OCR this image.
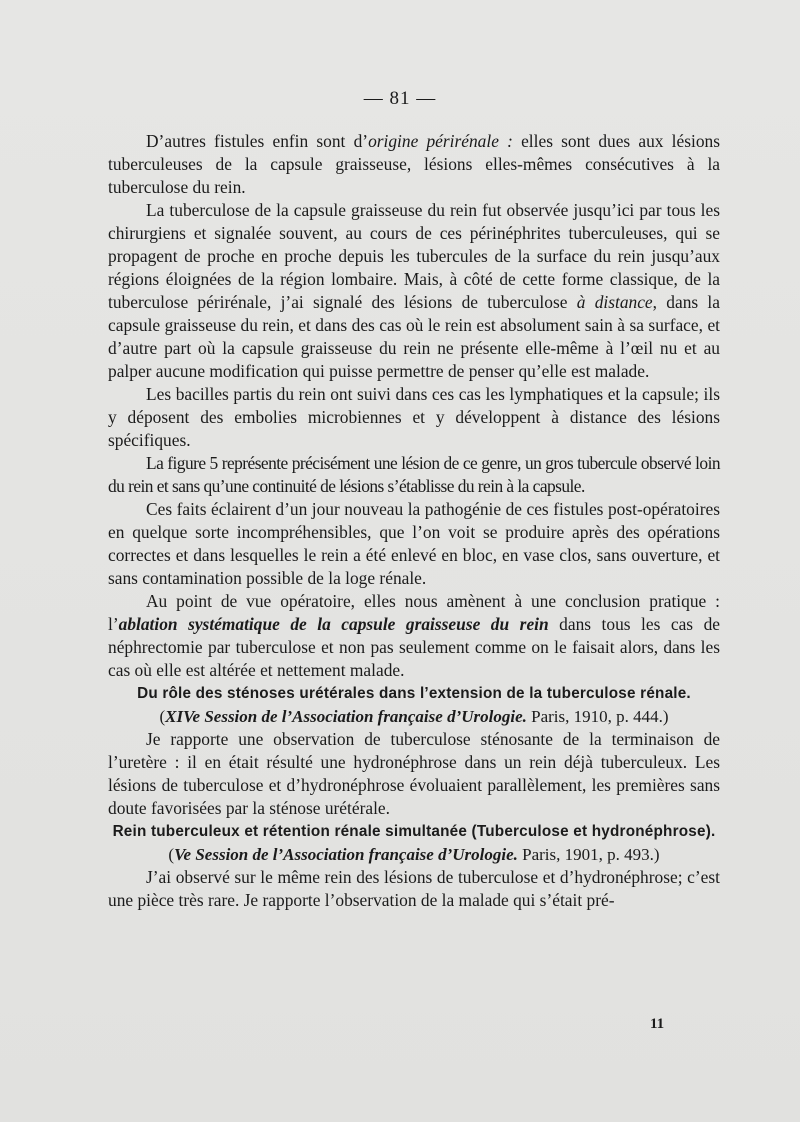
— 81 —

D’autres fistules enfin sont d’origine périrénale : elles sont dues aux lésions tuberculeuses de la capsule graisseuse, lésions elles-mêmes consécutives à la tuberculose du rein.

La tuberculose de la capsule graisseuse du rein fut observée jusqu’ici par tous les chirurgiens et signalée souvent, au cours de ces périnéphrites tuberculeuses, qui se propagent de proche en proche depuis les tubercules de la surface du rein jusqu’aux régions éloignées de la région lombaire. Mais, à côté de cette forme classique, de la tuberculose périrénale, j’ai signalé des lésions de tuberculose à distance, dans la capsule graisseuse du rein, et dans des cas où le rein est absolument sain à sa surface, et d’autre part où la capsule graisseuse du rein ne présente elle-même à l’œil nu et au palper aucune modification qui puisse permettre de penser qu’elle est malade.

Les bacilles partis du rein ont suivi dans ces cas les lymphatiques et la capsule; ils y déposent des embolies microbiennes et y développent à distance des lésions spécifiques.

La figure 5 représente précisément une lésion de ce genre, un gros tubercule observé loin du rein et sans qu’une continuité de lésions s’établisse du rein à la capsule.

Ces faits éclairent d’un jour nouveau la pathogénie de ces fistules post-opératoires en quelque sorte incompréhensibles, que l’on voit se produire après des opérations correctes et dans lesquelles le rein a été enlevé en bloc, en vase clos, sans ouverture, et sans contamination possible de la loge rénale.

Au point de vue opératoire, elles nous amènent à une conclusion pratique : l’ablation systématique de la capsule graisseuse du rein dans tous les cas de néphrectomie par tuberculose et non pas seulement comme on le faisait alors, dans les cas où elle est altérée et nettement malade.

Du rôle des sténoses urétérales dans l’extension de la tuberculose rénale.

(XIVe Session de l’Association française d’Urologie. Paris, 1910, p. 444.)

Je rapporte une observation de tuberculose sténosante de la terminaison de l’uretère : il en était résulté une hydronéphrose dans un rein déjà tuberculeux. Les lésions de tuberculose et d’hydronéphrose évoluaient parallèlement, les premières sans doute favorisées par la sténose urétérale.

Rein tuberculeux et rétention rénale simultanée (Tuberculose et hydronéphrose).

(Ve Session de l’Association française d’Urologie. Paris, 1901, p. 493.)

J’ai observé sur le même rein des lésions de tuberculose et d’hydronéphrose; c’est une pièce très rare. Je rapporte l’observation de la malade qui s’était pré-

11
